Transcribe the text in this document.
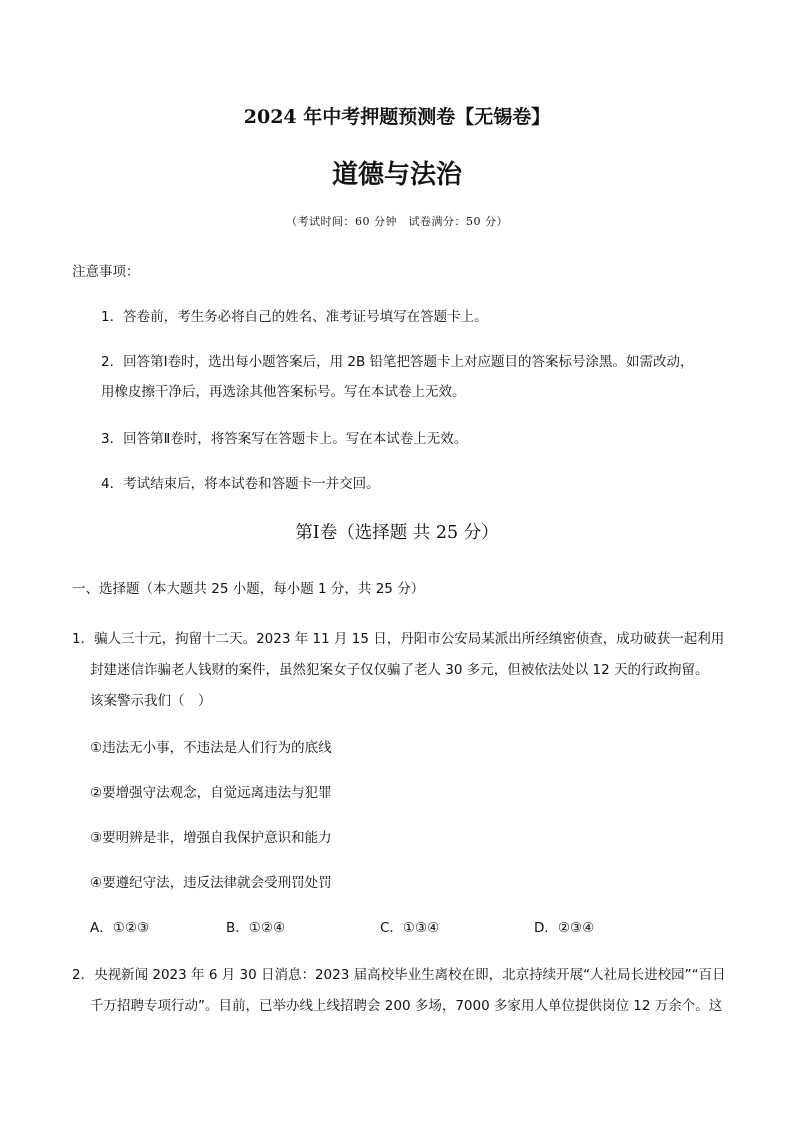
2024 年中考押题预测卷【无锡卷】
道德与法治
（考试时间：60 分钟　试卷满分：50 分）
注意事项：
1．答卷前，考生务必将自己的姓名、准考证号填写在答题卡上。
2．回答第Ⅰ卷时，选出每小题答案后，用 2B 铅笔把答题卡上对应题目的答案标号涂黑。如需改动，
用橡皮擦干净后，再选涂其他答案标号。写在本试卷上无效。
3．回答第Ⅱ卷时，将答案写在答题卡上。写在本试卷上无效。
4．考试结束后，将本试卷和答题卡一并交回。
第Ⅰ卷（选择题 共 25 分）
一、选择题（本大题共 25 小题，每小题 1 分，共 25 分）
1．骗人三十元，拘留十二天。2023 年 11 月 15 日，丹阳市公安局某派出所经缜密侦查，成功破获一起利用
封建迷信诈骗老人钱财的案件，虽然犯案女子仅仅骗了老人 30 多元，但被依法处以 12 天的行政拘留。
该案警示我们（　）
①违法无小事，不违法是人们行为的底线
②要增强守法观念，自觉远离违法与犯罪
③要明辨是非，增强自我保护意识和能力
④要遵纪守法，违反法律就会受刑罚处罚
A．①②③	B．①②④	C．①③④	D．②③④
2．央视新闻 2023 年 6 月 30 日消息：2023 届高校毕业生离校在即，北京持续开展“人社局长进校园”“百日
千万招聘专项行动”。目前，已举办线上线招聘会 200 多场，7000 多家用人单位提供岗位 12 万余个。这
